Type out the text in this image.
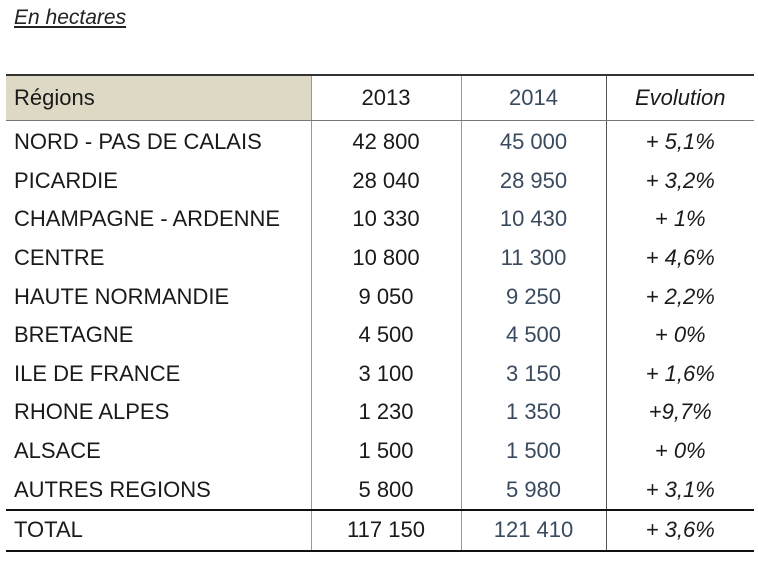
En hectares
Régions	2013	2014	Evolution
NORD - PAS DE CALAIS	42 800	45 000	+ 5,1%
PICARDIE	28 040	28 950	+ 3,2%
CHAMPAGNE - ARDENNE	10 330	10 430	+ 1%
CENTRE	10 800	11 300	+ 4,6%
HAUTE NORMANDIE	9 050	9 250	+ 2,2%
BRETAGNE	4 500	4 500	+ 0%
ILE DE FRANCE	3 100	3 150	+ 1,6%
RHONE ALPES	1 230	1 350	+9,7%
ALSACE	1 500	1 500	+ 0%
AUTRES REGIONS	5 800	5 980	+ 3,1%
TOTAL	117 150	121 410	+ 3,6%
